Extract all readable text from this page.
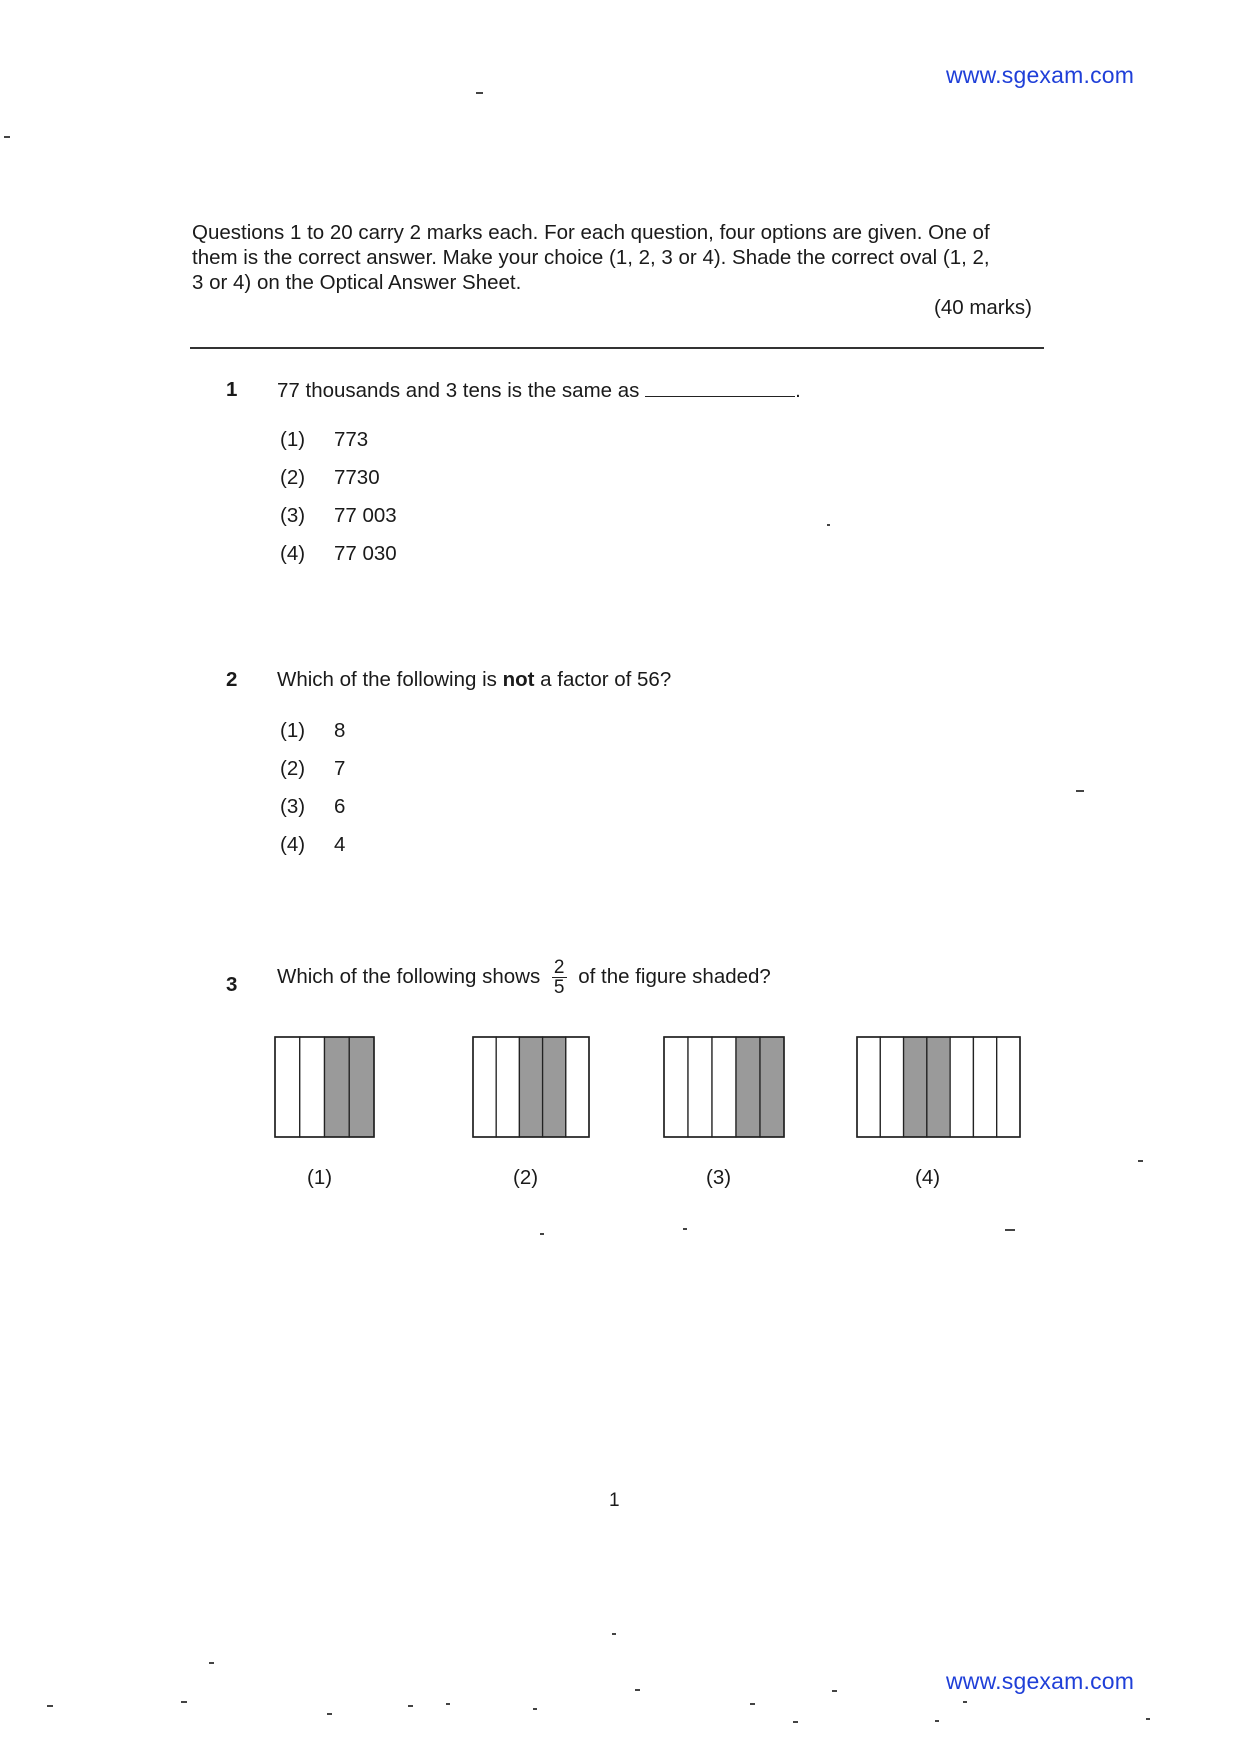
www.sgexam.com

Questions 1 to 20 carry 2 marks each. For each question, four options are given. One of

them is the correct answer. Make your choice (1, 2, 3 or 4). Shade the correct oval (1, 2,

3 or 4) on the Optical Answer Sheet.

(40 marks)
1 77 thousands and 3 tens is the same as	.
(1) 773
(2) 7730
(3) 77 003
(4) 77 030
2 Which of the following is not a factor of 56?
(1) 8
(2) 7
(3) 6
(4) 4
3 Which of the following shows $\frac{2}{5}$ of the figure shaded?
(1)	(2)	(3)	(4)
1
www.sgexam.com
